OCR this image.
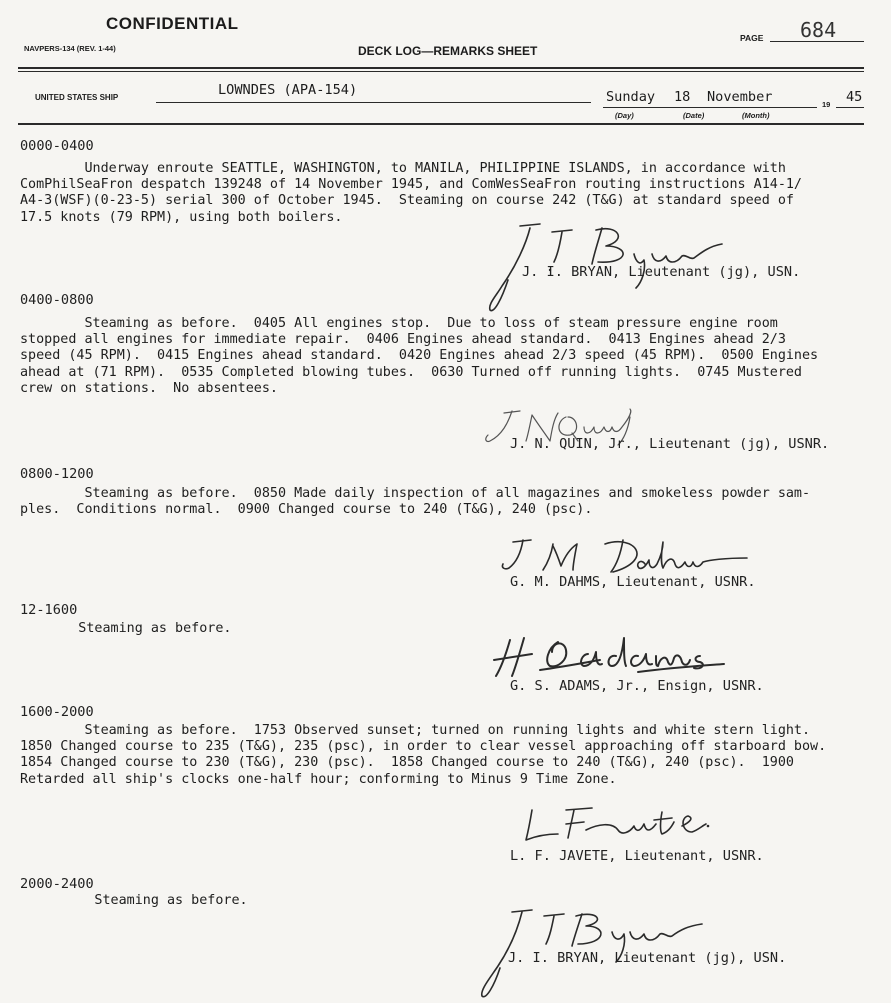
CONFIDENTIAL
NAVPERS-134 (REV. 1-44)	DECK LOG—REMARKS SHEET
PAGE 684
UNITED STATES SHIP	LOWNDES (APA-154)	Sunday 18 November	19 45
(Day)	(Date)	(Month)
0000-0400
Underway enroute SEATTLE, WASHINGTON, to MANILA, PHILIPPINE ISLANDS, in accordance with
ComPhilSeaFron despatch 139248 of 14 November 1945, and ComWesSeaFron routing instructions A14-1/
A4-3(WSF)(0-23-5) serial 300 of October 1945.  Steaming on course 242 (T&G) at standard speed of
17.5 knots (79 RPM), using both boilers.
J. I. BRYAN, Lieutenant (jg), USN.
0400-0800
Steaming as before.  0405 All engines stop.  Due to loss of steam pressure engine room
stopped all engines for immediate repair.  0406 Engines ahead standard.  0413 Engines ahead 2/3
speed (45 RPM).  0415 Engines ahead standard.  0420 Engines ahead 2/3 speed (45 RPM).  0500 Engines
ahead at (71 RPM).  0535 Completed blowing tubes.  0630 Turned off running lights.  0745 Mustered
crew on stations.  No absentees.
J. N. QUIN, Jr., Lieutenant (jg), USNR.
0800-1200
Steaming as before.  0850 Made daily inspection of all magazines and smokeless powder sam-
ples.  Conditions normal.  0900 Changed course to 240 (T&G), 240 (psc).
G. M. DAHMS, Lieutenant, USNR.
12-1600
Steaming as before.
G. S. ADAMS, Jr., Ensign, USNR.
1600-2000
Steaming as before.  1753 Observed sunset; turned on running lights and white stern light.
1850 Changed course to 235 (T&G), 235 (psc), in order to clear vessel approaching off starboard bow.
1854 Changed course to 230 (T&G), 230 (psc).  1858 Changed course to 240 (T&G), 240 (psc).  1900
Retarded all ship's clocks one-half hour; conforming to Minus 9 Time Zone.
L. F. JAVETE, Lieutenant, USNR.
2000-2400
Steaming as before.
J. I. BRYAN, Lieutenant (jg), USN.
